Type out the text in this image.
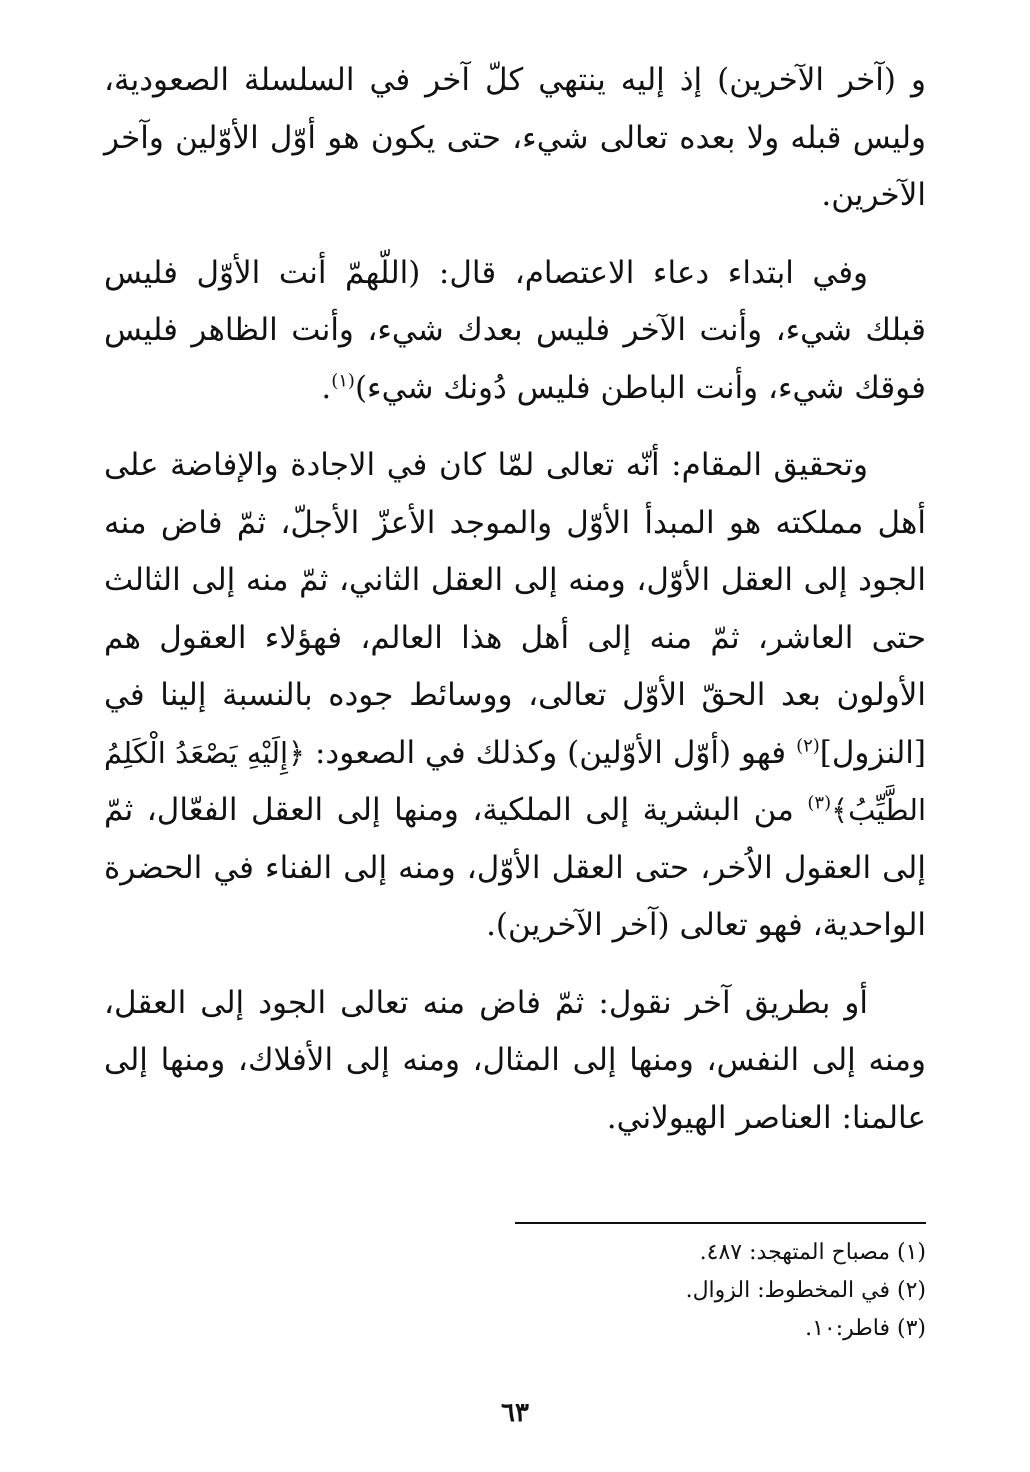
و (آخر الآخرين) إذ إليه ينتهي كلّ آخر في السلسلة الصعودية، وليس قبله ولا بعده تعالى شيء، حتى يكون هو أوّل الأوّلين وآخر الآخرين.

وفي ابتداء دعاء الاعتصام، قال: (اللّهمّ أنت الأوّل فليس قبلك شيء، وأنت الآخر فليس بعدك شيء، وأنت الظاهر فليس فوقك شيء، وأنت الباطن فليس دُونك شيء)$^{(١)}$.

وتحقيق المقام: أنّه تعالى لمّا كان في الاجادة والإفاضة على أهل مملكته هو المبدأ الأوّل والموجد الأعزّ الأجلّ، ثمّ فاض منه الجود إلى العقل الأوّل، ومنه إلى العقل الثاني، ثمّ منه إلى الثالث حتى العاشر، ثمّ منه إلى أهل هذا العالم، فهؤلاء العقول هم الأولون بعد الحقّ الأوّل تعالى، ووسائط جوده بالنسبة إلينا في [النزول]$^{(٢)}$ فهو (أوّل الأوّلين) وكذلك في الصعود: ﴿إِلَيْهِ يَصْعَدُ الْكَلِمُ الطَّيِّبُ﴾$^{(٣)}$ من البشرية إلى الملكية، ومنها إلى العقل الفعّال، ثمّ إلى العقول الاُخر، حتى العقل الأوّل، ومنه إلى الفناء في الحضرة الواحدية، فهو تعالى (آخر الآخرين).

أو بطريق آخر نقول: ثمّ فاض منه تعالى الجود إلى العقل، ومنه إلى النفس، ومنها إلى المثال، ومنه إلى الأفلاك، ومنها إلى عالمنا: العناصر الهيولاني.

(١) مصباح المتهجد: ٤٨٧.
(٢) في المخطوط: الزوال.
(٣) فاطر:١٠.
٦٣
